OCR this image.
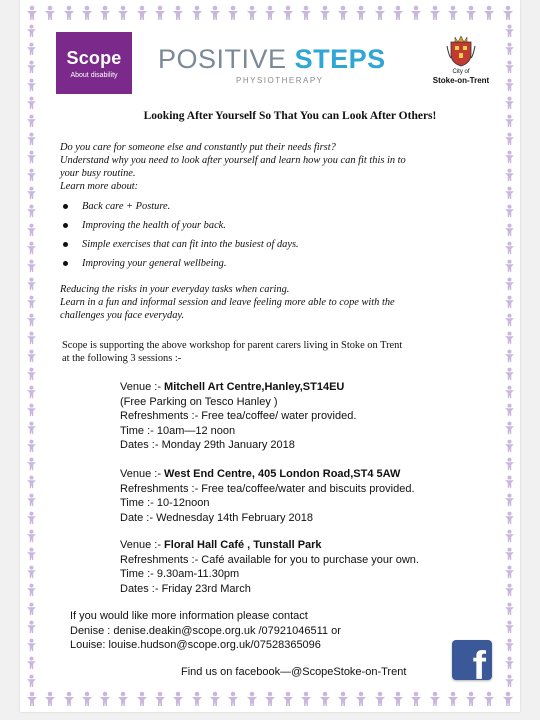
Scope
About disability
POSITIVE STEPS
PHYSIOTHERAPY
City of
Stoke-on-Trent
Looking After Yourself So That You can Look After Others!

Do you care for someone else and constantly put their needs first?

Understand why you need to look after yourself and learn how you can fit this in to

your busy routine.

Learn more about:

Back care + Posture.
Improving the health of your back.
Simple exercises that can fit into the busiest of days.
Improving your general wellbeing.

Reducing the risks in your everyday tasks when caring.

Learn in a fun and informal session and leave feeling more able to cope with the

challenges you face everyday.

Scope is supporting the above workshop for parent carers living in Stoke on Trent
at the following 3 sessions :-
Venue :- Mitchell Art Centre,Hanley,ST14EU
(Free Parking on Tesco Hanley )
Refreshments :- Free tea/coffee/ water provided.
Time :- 10am—12 noon
Dates :- Monday 29th January 2018
Venue :- West End Centre, 405 London Road,ST4 5AW
Refreshments :- Free tea/coffee/water and biscuits provided.
Time :- 10-12noon
Date :- Wednesday 14th February 2018
Venue :- Floral Hall Café , Tunstall Park
Refreshments :- Café available for you to purchase your own.
Time :- 9.30am-11.30pm
Dates :- Friday 23rd March
If you would like more information please contact
Denise : denise.deakin@scope.org.uk /07921046511 or
Louise: louise.hudson@scope.org.uk/07528365096
Find us on facebook—@ScopeStoke-on-Trent f
